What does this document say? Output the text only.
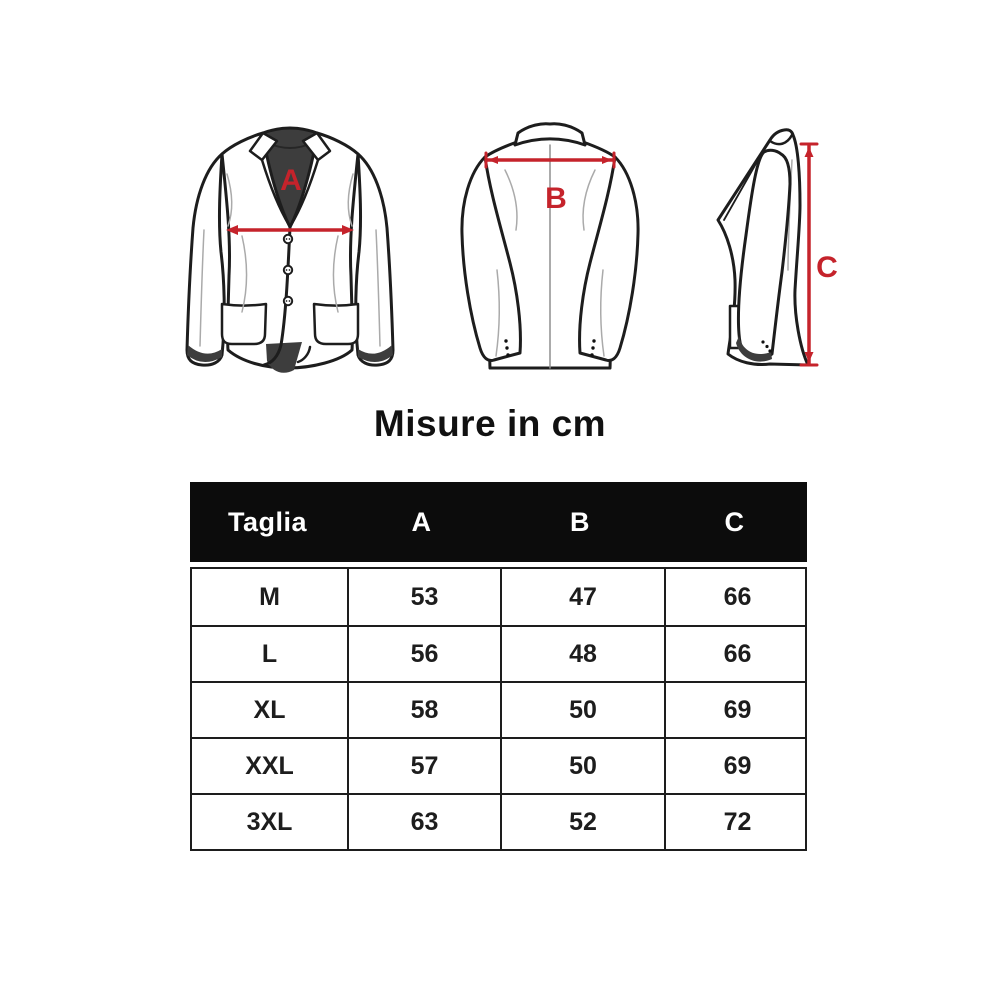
A
B
C
Misure in cm
Taglia	A	B	C
M	53	47	66
L	56	48	66
XL	58	50	69
XXL	57	50	69
3XL	63	52	72
